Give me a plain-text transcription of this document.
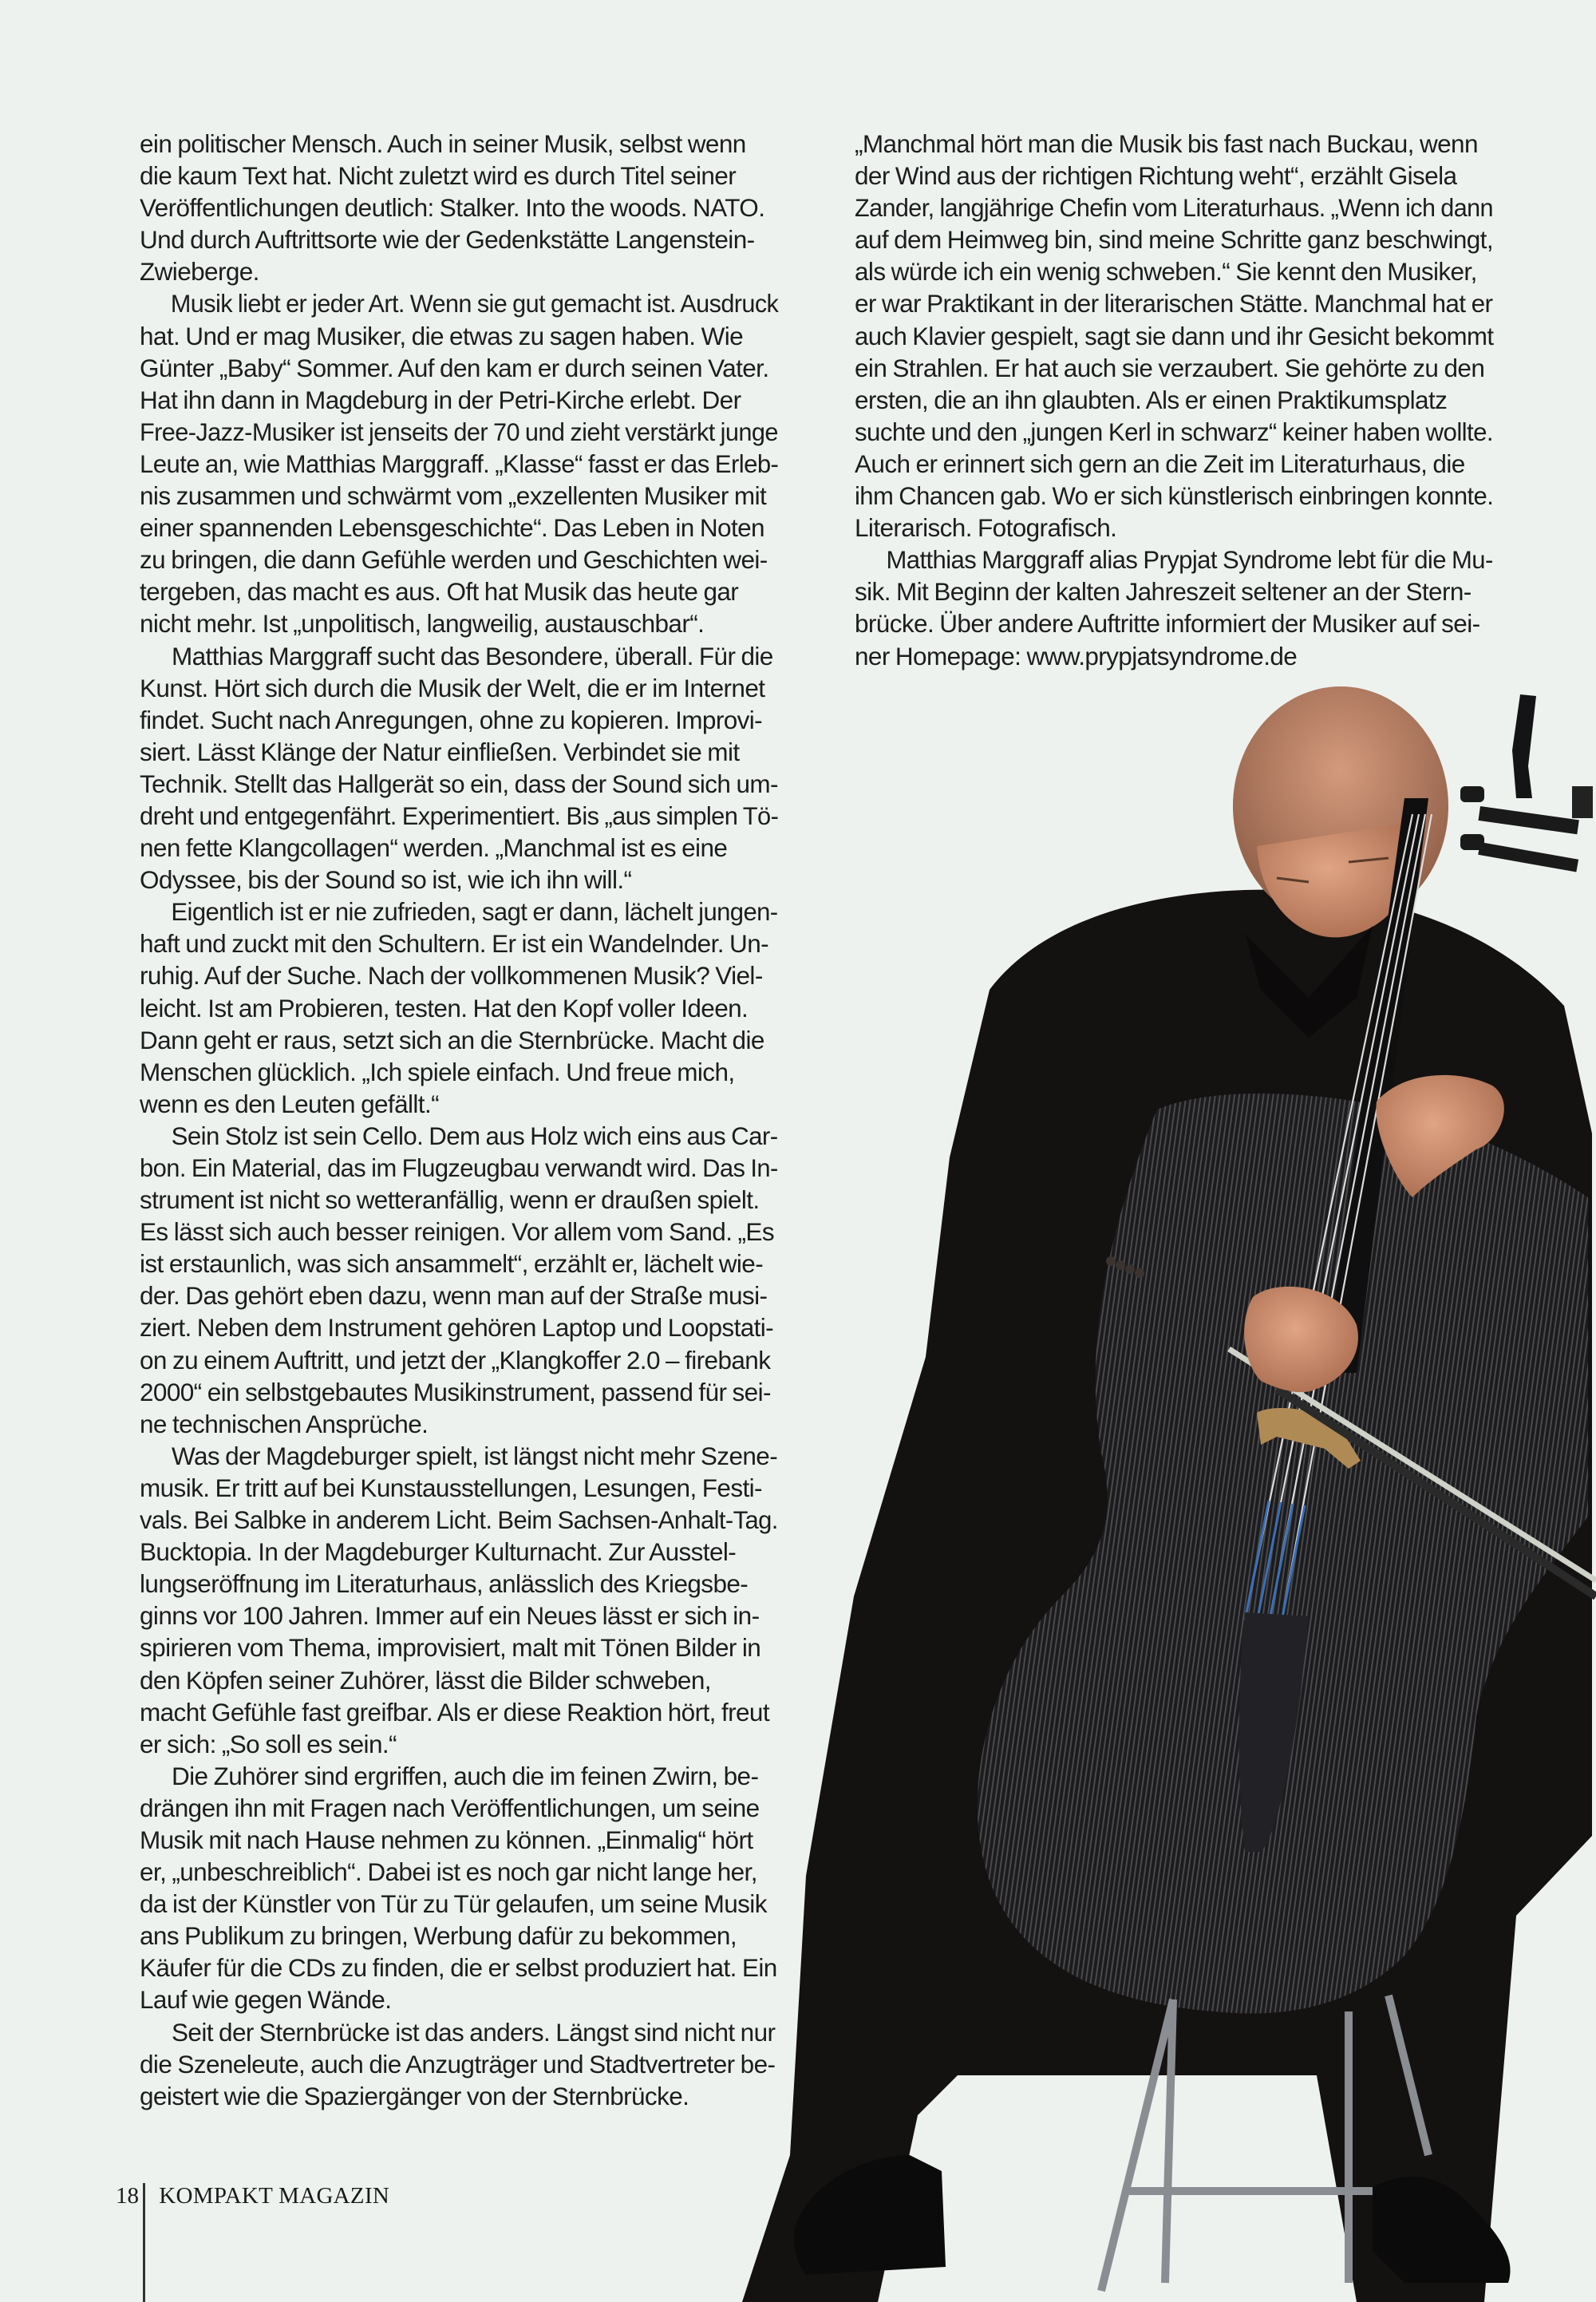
ein politischer Mensch. Auch in seiner Musik, selbst wenn
die kaum Text hat. Nicht zuletzt wird es durch Titel seiner
Veröffentlichungen deutlich: Stalker. Into the woods. NATO.
Und durch Auftrittsorte wie der Gedenkstätte Langenstein-
Zwieberge.
Musik liebt er jeder Art. Wenn sie gut gemacht ist. Ausdruck
hat. Und er mag Musiker, die etwas zu sagen haben. Wie
Günter „Baby“ Sommer. Auf den kam er durch seinen Vater.
Hat ihn dann in Magdeburg in der Petri-Kirche erlebt. Der
Free-Jazz-Musiker ist jenseits der 70 und zieht verstärkt junge
Leute an, wie Matthias Marggraff. „Klasse“ fasst er das Erleb-
nis zusammen und schwärmt vom „exzellenten Musiker mit
einer spannenden Lebensgeschichte“. Das Leben in Noten
zu bringen, die dann Gefühle werden und Geschichten wei-
tergeben, das macht es aus. Oft hat Musik das heute gar
nicht mehr. Ist „unpolitisch, langweilig, austauschbar“.
Matthias Marggraff sucht das Besondere, überall. Für die
Kunst. Hört sich durch die Musik der Welt, die er im Internet
findet. Sucht nach Anregungen, ohne zu kopieren. Improvi-
siert. Lässt Klänge der Natur einfließen. Verbindet sie mit
Technik. Stellt das Hallgerät so ein, dass der Sound sich um-
dreht und entgegenfährt. Experimentiert. Bis „aus simplen Tö-
nen fette Klangcollagen“ werden. „Manchmal ist es eine
Odyssee, bis der Sound so ist, wie ich ihn will.“
Eigentlich ist er nie zufrieden, sagt er dann, lächelt jungen-
haft und zuckt mit den Schultern. Er ist ein Wandelnder. Un-
ruhig. Auf der Suche. Nach der vollkommenen Musik? Viel-
leicht. Ist am Probieren, testen. Hat den Kopf voller Ideen.
Dann geht er raus, setzt sich an die Sternbrücke. Macht die
Menschen glücklich. „Ich spiele einfach. Und freue mich,
wenn es den Leuten gefällt.“
Sein Stolz ist sein Cello. Dem aus Holz wich eins aus Car-
bon. Ein Material, das im Flugzeugbau verwandt wird. Das In-
strument ist nicht so wetteranfällig, wenn er draußen spielt.
Es lässt sich auch besser reinigen. Vor allem vom Sand. „Es
ist erstaunlich, was sich ansammelt“, erzählt er, lächelt wie-
der. Das gehört eben dazu, wenn man auf der Straße musi-
ziert. Neben dem Instrument gehören Laptop und Loopstati-
on zu einem Auftritt, und jetzt der „Klangkoffer 2.0 – firebank
2000“ ein selbstgebautes Musikinstrument, passend für sei-
ne technischen Ansprüche.
Was der Magdeburger spielt, ist längst nicht mehr Szene-
musik. Er tritt auf bei Kunstausstellungen, Lesungen, Festi-
vals. Bei Salbke in anderem Licht. Beim Sachsen-Anhalt-Tag.
Bucktopia. In der Magdeburger Kulturnacht. Zur Ausstel-
lungseröffnung im Literaturhaus, anlässlich des Kriegsbe-
ginns vor 100 Jahren. Immer auf ein Neues lässt er sich in-
spirieren vom Thema, improvisiert, malt mit Tönen Bilder in
den Köpfen seiner Zuhörer, lässt die Bilder schweben,
macht Gefühle fast greifbar. Als er diese Reaktion hört, freut
er sich: „So soll es sein.“
Die Zuhörer sind ergriffen, auch die im feinen Zwirn, be-
drängen ihn mit Fragen nach Veröffentlichungen, um seine
Musik mit nach Hause nehmen zu können. „Einmalig“ hört
er, „unbeschreiblich“. Dabei ist es noch gar nicht lange her,
da ist der Künstler von Tür zu Tür gelaufen, um seine Musik
ans Publikum zu bringen, Werbung dafür zu bekommen,
Käufer für die CDs zu finden, die er selbst produziert hat. Ein
Lauf wie gegen Wände.
Seit der Sternbrücke ist das anders. Längst sind nicht nur
die Szeneleute, auch die Anzugträger und Stadtvertreter be-
geistert wie die Spaziergänger von der Sternbrücke.
„Manchmal hört man die Musik bis fast nach Buckau, wenn
der Wind aus der richtigen Richtung weht“, erzählt Gisela
Zander, langjährige Chefin vom Literaturhaus. „Wenn ich dann
auf dem Heimweg bin, sind meine Schritte ganz beschwingt,
als würde ich ein wenig schweben.“ Sie kennt den Musiker,
er war Praktikant in der literarischen Stätte. Manchmal hat er
auch Klavier gespielt, sagt sie dann und ihr Gesicht bekommt
ein Strahlen. Er hat auch sie verzaubert. Sie gehörte zu den
ersten, die an ihn glaubten. Als er einen Praktikumsplatz
suchte und den „jungen Kerl in schwarz“ keiner haben wollte.
Auch er erinnert sich gern an die Zeit im Literaturhaus, die
ihm Chancen gab. Wo er sich künstlerisch einbringen konnte.
Literarisch. Fotografisch.
Matthias Marggraff alias Prypjat Syndrome lebt für die Mu-
sik. Mit Beginn der kalten Jahreszeit seltener an der Stern-
brücke. Über andere Auftritte informiert der Musiker auf sei-
ner Homepage: www.prypjatsyndrome.de
18 KOMPAKT MAGAZIN
